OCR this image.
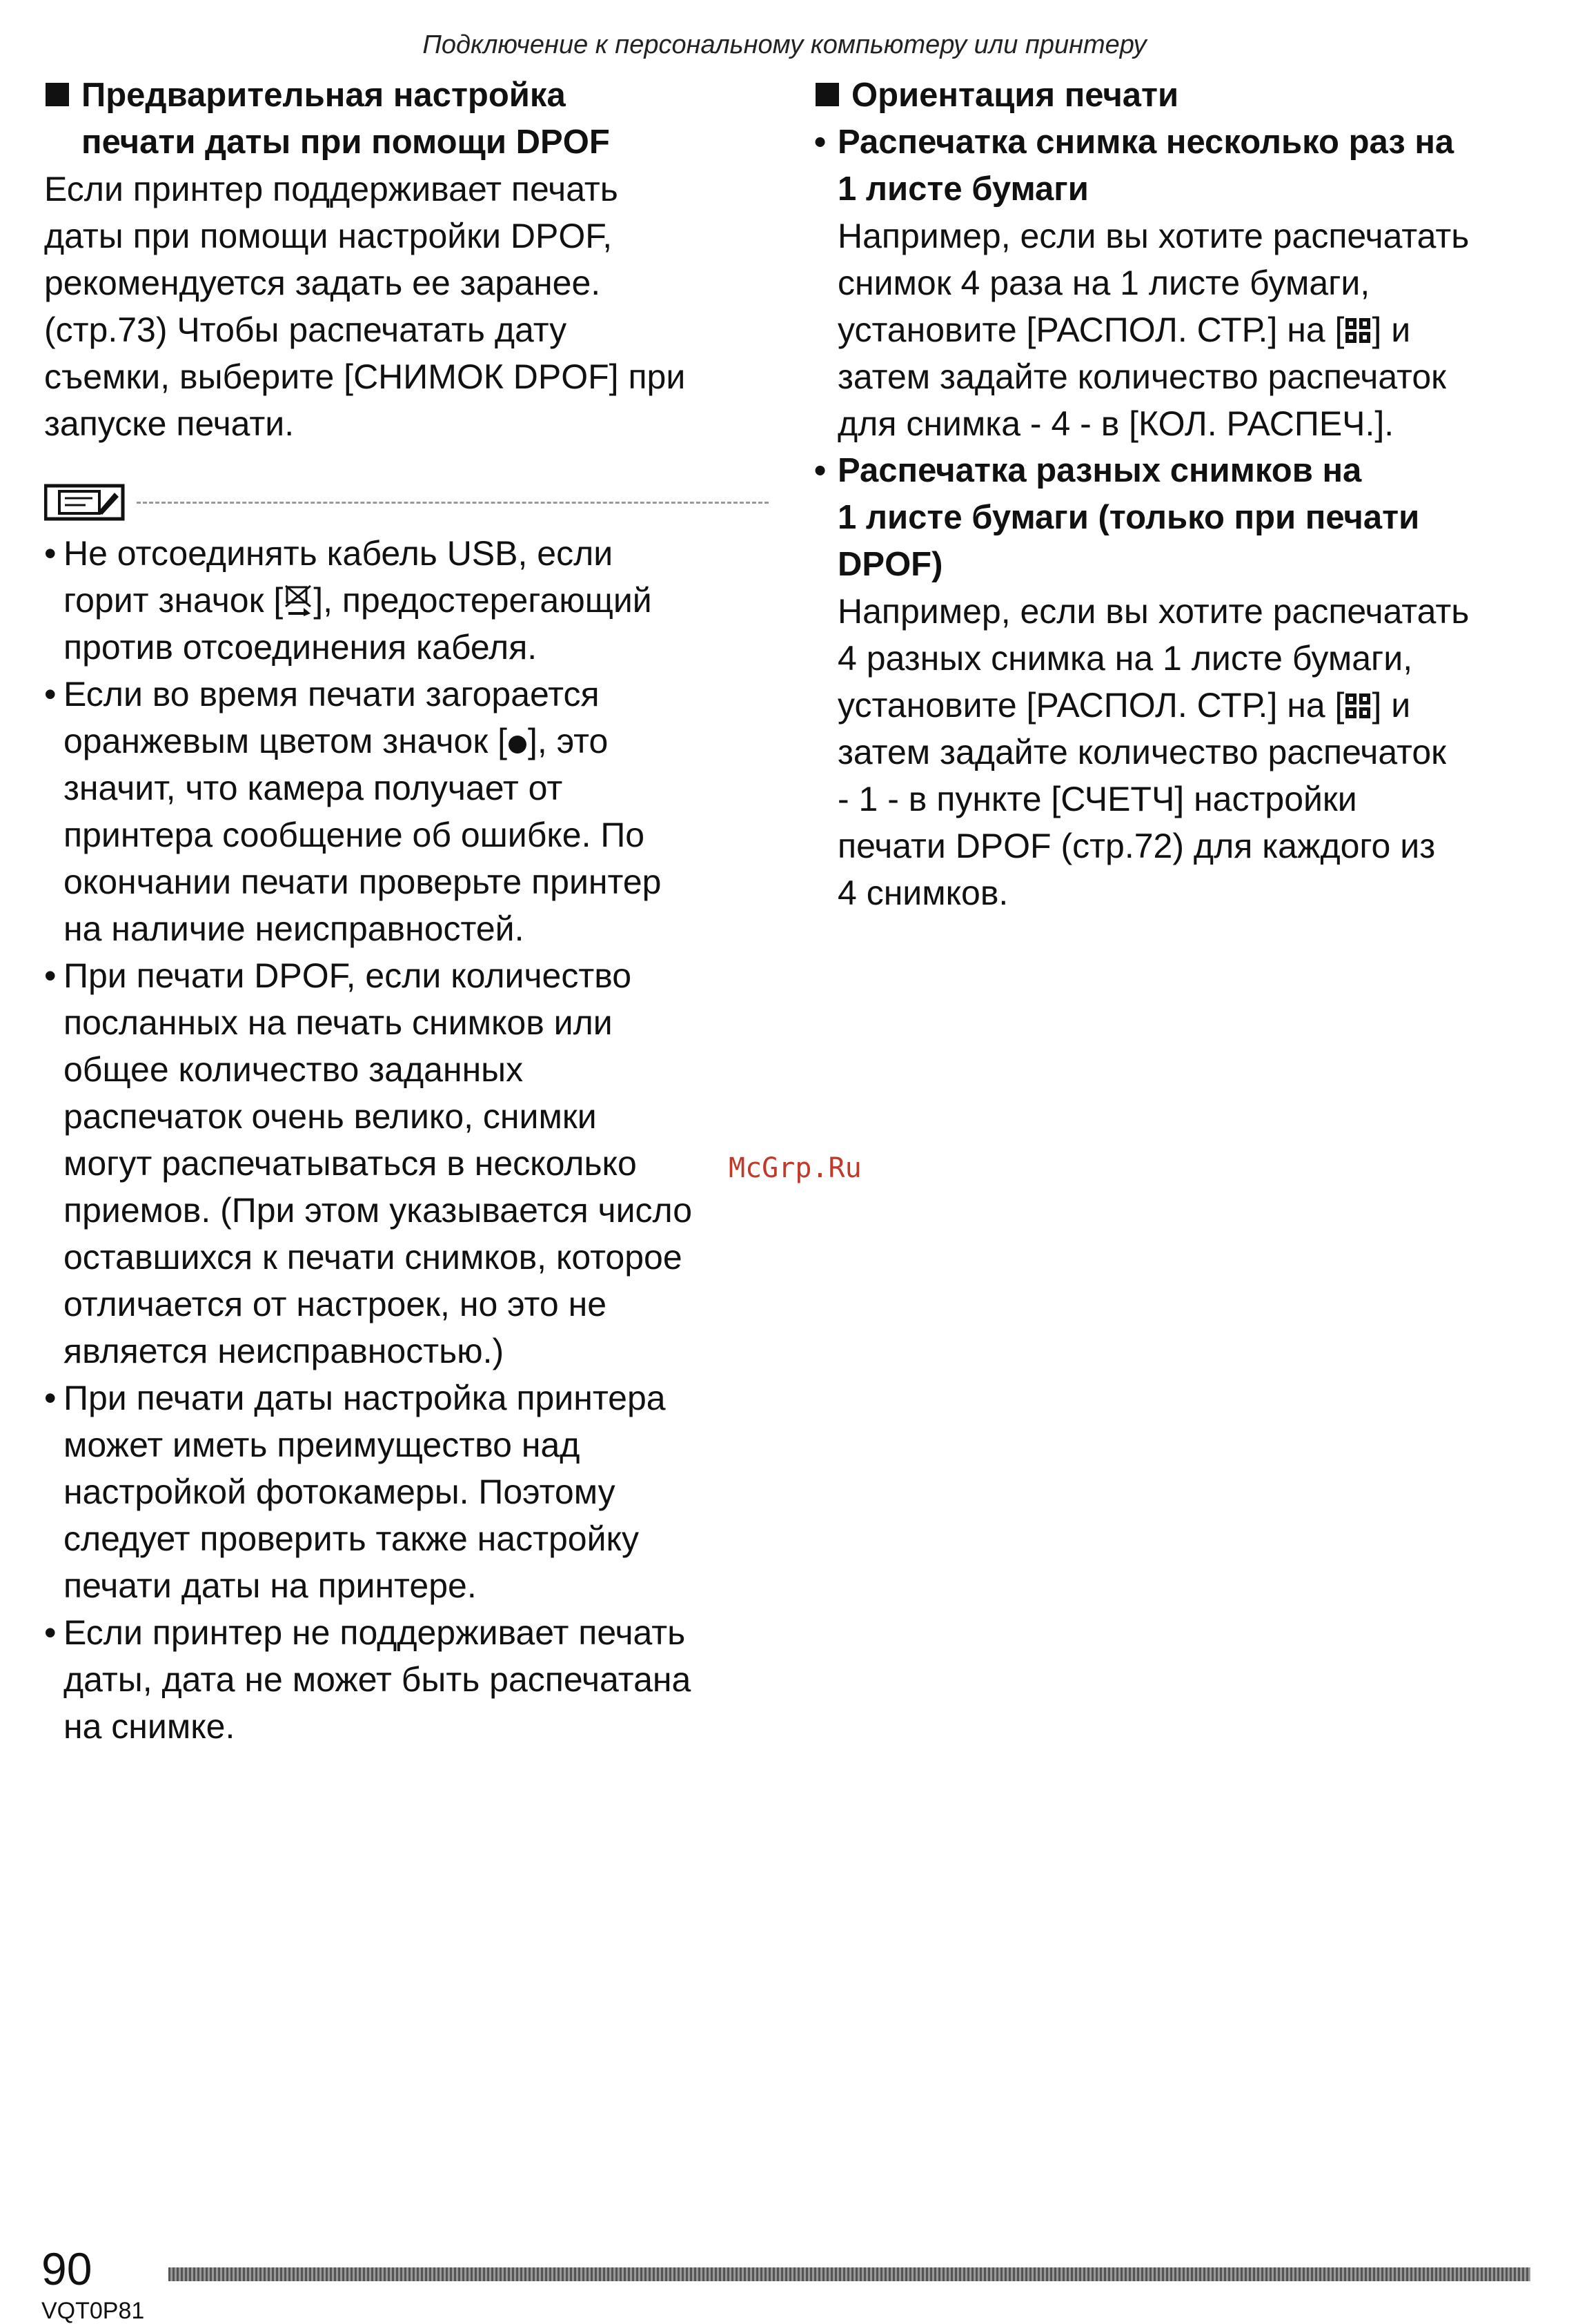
Подключение к персональному компьютеру или принтеру
Предварительная настройка
печати даты при помощи DPOF
Если принтер поддерживает печать
даты при помощи настройки DPOF,
рекомендуется задать ее заранее.
(стр.73) Чтобы распечатать дату
съемки, выберите [СНИМОК DPOF] при
запуске печати.
• Не отсоединять кабель USB, если
горит значок [ ], предостерегающий
против отсоединения кабеля.
• Если во время печати загорается
оранжевым цветом значок [ ], это
значит, что камера получает от
принтера сообщение об ошибке. По
окончании печати проверьте принтер
на наличие неисправностей.
• При печати DPOF, если количество
посланных на печать снимков или
общее количество заданных
распечаток очень велико, снимки
могут распечатываться в несколько
приемов. (При этом указывается число
оставшихся к печати снимков, которое
отличается от настроек, но это не
является неисправностью.)
• При печати даты настройка принтера
может иметь преимущество над
настройкой фотокамеры. Поэтому
следует проверить также настройку
печати даты на принтере.
• Если принтер не поддерживает печать
даты, дата не может быть распечатана
на снимке.
Ориентация печати
• Распечатка снимка несколько раз на
1 листе бумаги
Например, если вы хотите распечатать
снимок 4 раза на 1 листе бумаги,
установите [РАСПОЛ. СТР.] на [ ] и
затем задайте количество распечаток
для снимка - 4 - в [КОЛ. РАСПЕЧ.].
• Распечатка разных снимков на
1 листе бумаги (только при печати
DPOF)
Например, если вы хотите распечатать
4 разных снимка на 1 листе бумаги,
установите [РАСПОЛ. СТР.] на [ ] и
затем задайте количество распечаток
- 1 - в пункте [СЧЕТЧ] настройки
печати DPOF (стр.72) для каждого из
4 снимков.
McGrp.Ru
90
VQT0P81
